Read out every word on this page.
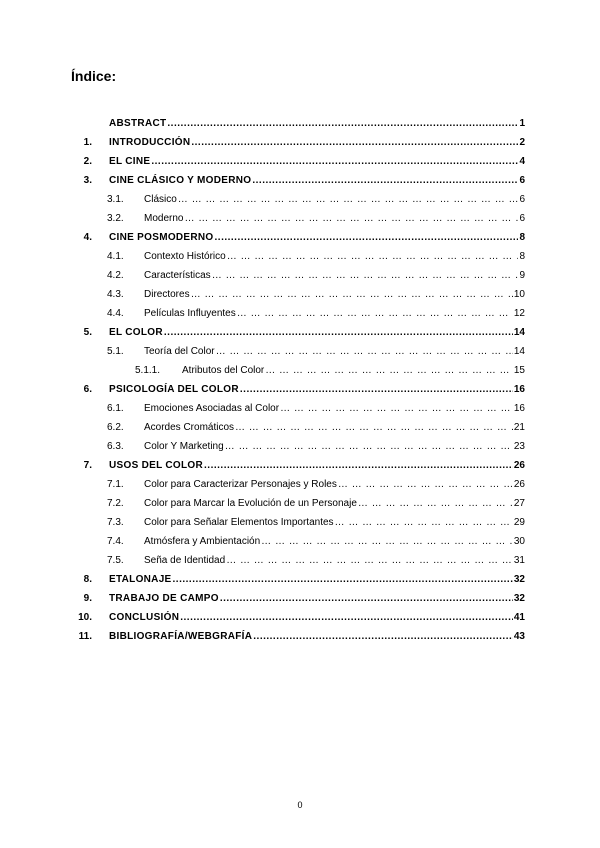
Índice:
ABSTRACT .....	1
1. INTRODUCCIÓN .....	2
2. EL CINE .....	4
3. CINE CLÁSICO Y MODERNO .....	6
3.1.	Clásico … … … … … … … … … … … … … … … … … … … … … … … … … … … … … … … … … … … … … … … … … … … … … … … … … … … … … … … … … … … … … … … … … … … …	6
3.2.	Moderno … … … … … … … … … … … … … … … … … … … … … … … … … … … … … … … … … … … … … … … … … … … … … … … … … … … … … … … … … … … … … … … … … … … …	6
4. CINE POSMODERNO .....	8
4.1.	Contexto Histórico … … … … … … … … … … … … … … … … … … … … … … … … … … … … … … … … … … … … … … … … … … … … … … … … … … … … … … … … … … … … … … … … … … … …	8
4.2.	Características … … … … … … … … … … … … … … … … … … … … … … … … … … … … … … … … … … … … … … … … … … … … … … … … … … … … … … … … … … … … … … … … … … … …	9
4.3.	Directores … … … … … … … … … … … … … … … … … … … … … … … … … … … … … … … … … … … … … … … … … … … … … … … … … … … … … … … … … … … … … … … … … … … …	10
4.4.	Películas Influyentes … … … … … … … … … … … … … … … … … … … … … … … … … … … … … … … … … … … … … … … … … … … … … … … … … … … … … … … … … … … … … … … … … … … …	12
5. EL COLOR .....	14
5.1.	Teoría del Color … … … … … … … … … … … … … … … … … … … … … … … … … … … … … … … … … … … … … … … … … … … … … … … … … … … … … … … … … … … … … … … … … … … …	14
5.1.1.	Atributos del Color … … … … … … … … … … … … … … … … … … … … … … … … … … … … … … … … … … … … … … … … … … … … … … … … … … … … … … … … … … … … … … … … … … … …	15
6. PSICOLOGÍA DEL COLOR .....	16
6.1.	Emociones Asociadas al Color … … … … … … … … … … … … … … … … … … … … … … … … … … … … … … … … … … … … … … … … … … … … … … … … … … … … … … … … … … … … … … … … … … … …	16
6.2.	Acordes Cromáticos … … … … … … … … … … … … … … … … … … … … … … … … … … … … … … … … … … … … … … … … … … … … … … … … … … … … … … … … … … … … … … … … … … … …	21
6.3.	Color Y Marketing … … … … … … … … … … … … … … … … … … … … … … … … … … … … … … … … … … … … … … … … … … … … … … … … … … … … … … … … … … … … … … … … … … … …	23
7. USOS DEL COLOR .....	26
7.1.	Color para Caracterizar Personajes y Roles … … … … … … … … … … … … … … … … … … … … … … … … … … … … … … … … … … … … … … … … … … … … … … … … … … … … … … … … … … … … … … … … … … … …	26
7.2.	Color para Marcar la Evolución de un Personaje … … … … … … … … … … … … … … … … … … … … … … … … … … … … … … … … … … … … … … … … … … … … … … … … … … … … … … … … … … … … … … … … … … … …	27
7.3.	Color para Señalar Elementos Importantes … … … … … … … … … … … … … … … … … … … … … … … … … … … … … … … … … … … … … … … … … … … … … … … … … … … … … … … … … … … … … … … … … … … …	29
7.4.	Atmósfera y Ambientación … … … … … … … … … … … … … … … … … … … … … … … … … … … … … … … … … … … … … … … … … … … … … … … … … … … … … … … … … … … … … … … … … … … …	30
7.5.	Seña de Identidad … … … … … … … … … … … … … … … … … … … … … … … … … … … … … … … … … … … … … … … … … … … … … … … … … … … … … … … … … … … … … … … … … … … …	31
8. ETALONAJE .....	32
9. TRABAJO DE CAMPO .....	32
10. CONCLUSIÓN .....	41
11. BIBLIOGRAFÍA/WEBGRAFÍA .....	43
0
